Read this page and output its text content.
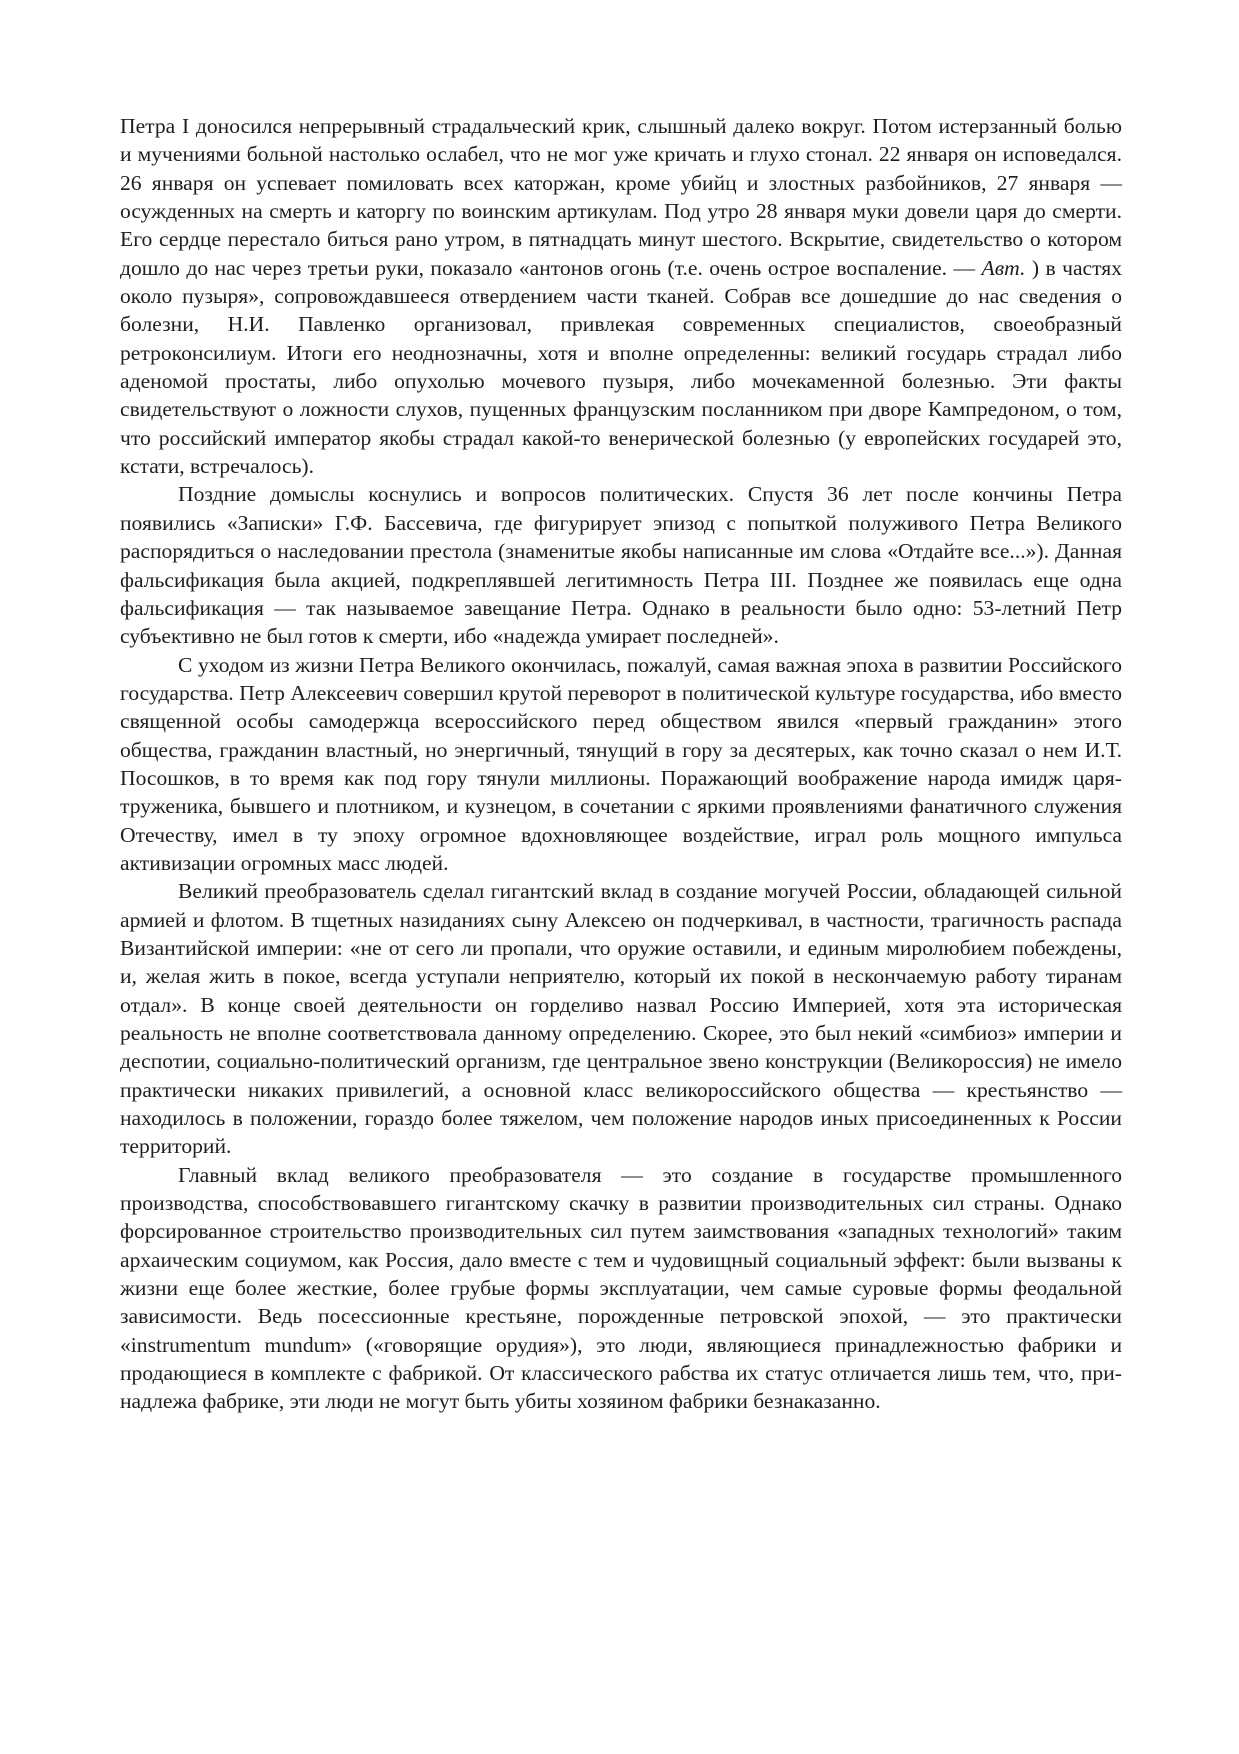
Петра I доносился непрерывный страдальческий крик, слышный далеко вокруг. Потом истерзанный болью и мучениями больной настолько ослабел, что не мог уже кричать и глухо стонал. 22 января он исповедался. 26 января он успевает помиловать всех каторжан, кроме убийц и злостных разбойников, 27 января — осужденных на смерть и каторгу по воинским артикулам. Под утро 28 января муки довели царя до смерти. Его сердце перестало биться рано утром, в пятнадцать минут шестого. Вскрытие, свидетельство о котором дошло до нас через третьи руки, показало «антонов огонь (т.е. очень острое воспаление. — Авт. ) в частях около пузыря», сопровождавшееся отвердением части тканей. Собрав все дошедшие до нас сведения о болезни, Н.И. Павленко организовал, привлекая современных специалистов, своеобразный ретроконсилиум. Итоги его неоднозначны, хотя и вполне определенны: великий государь страдал либо аденомой простаты, либо опухолью мочевого пузыря, либо мочекаменной болезнью. Эти факты свидетельствуют о ложности слухов, пущенных французским посланником при дворе Кампредоном, о том, что российский император якобы страдал какой-то венерической болезнью (у европейских государей это, кстати, встречалось).

Поздние домыслы коснулись и вопросов политических. Спустя 36 лет после кончины Петра появились «Записки» Г.Ф. Бассевича, где фигурирует эпизод с попыткой полуживого Петра Великого распорядиться о наследовании престола (знаменитые якобы написанные им слова «Отдайте все...»). Данная фальсификация была акцией, подкреплявшей легитимность Петра III. Позднее же появилась еще одна фальсификация — так называемое завещание Петра. Однако в реальности было одно: 53-летний Петр субъективно не был готов к смерти, ибо «надежда умирает последней».

С уходом из жизни Петра Великого окончилась, пожалуй, самая важная эпоха в развитии Российского государства. Петр Алексеевич совершил крутой переворот в политической культуре государства, ибо вместо священной особы самодержца всероссийского перед обществом явился «первый гражданин» этого общества, гражданин властный, но энергичный, тянущий в гору за десятерых, как точно сказал о нем И.Т. Посошков, в то время как под гору тянули миллионы. Поражающий воображение народа имидж царя-труженика, бывшего и плотником, и кузнецом, в сочетании с яркими проявлениями фанатичного служения Отечеству, имел в ту эпоху огромное вдохновляющее воздействие, играл роль мощного импульса активизации огромных масс людей.

Великий преобразователь сделал гигантский вклад в создание могучей России, обладающей сильной армией и флотом. В тщетных назиданиях сыну Алексею он подчеркивал, в частности, трагичность распада Византийской империи: «не от сего ли пропали, что оружие оставили, и единым миролюбием побеждены, и, желая жить в покое, всегда уступали неприятелю, который их покой в нескончаемую работу тиранам отдал». В конце своей деятельности он горделиво назвал Россию Империей, хотя эта историческая реальность не вполне соответствовала данному определению. Скорее, это был некий «симбиоз» империи и деспотии, социально-политический организм, где центральное звено конструкции (Великороссия) не имело практически никаких привилегий, а основной класс великороссийского общества — крестьянство — находилось в положении, гораздо более тяжелом, чем положение народов иных присоединенных к России территорий.

Главный вклад великого преобразователя — это создание в государстве промышленного производства, способствовавшего гигантскому скачку в развитии производительных сил страны. Однако форсированное строительство производительных сил путем заимствования «западных технологий» таким архаическим социумом, как Россия, дало вместе с тем и чудовищный социальный эффект: были вызваны к жизни еще более жесткие, более грубые формы эксплуатации, чем самые суровые формы феодальной зависимости. Ведь посессионные крестьяне, порожденные петровской эпохой, — это практически «instrumentum mundum» («говорящие орудия»), это люди, являющиеся принадлежностью фабрики и продающиеся в комплекте с фабрикой. От классического рабства их статус отличается лишь тем, что, принадлежа фабрике, эти люди не могут быть убиты хозяином фабрики безнаказанно.
